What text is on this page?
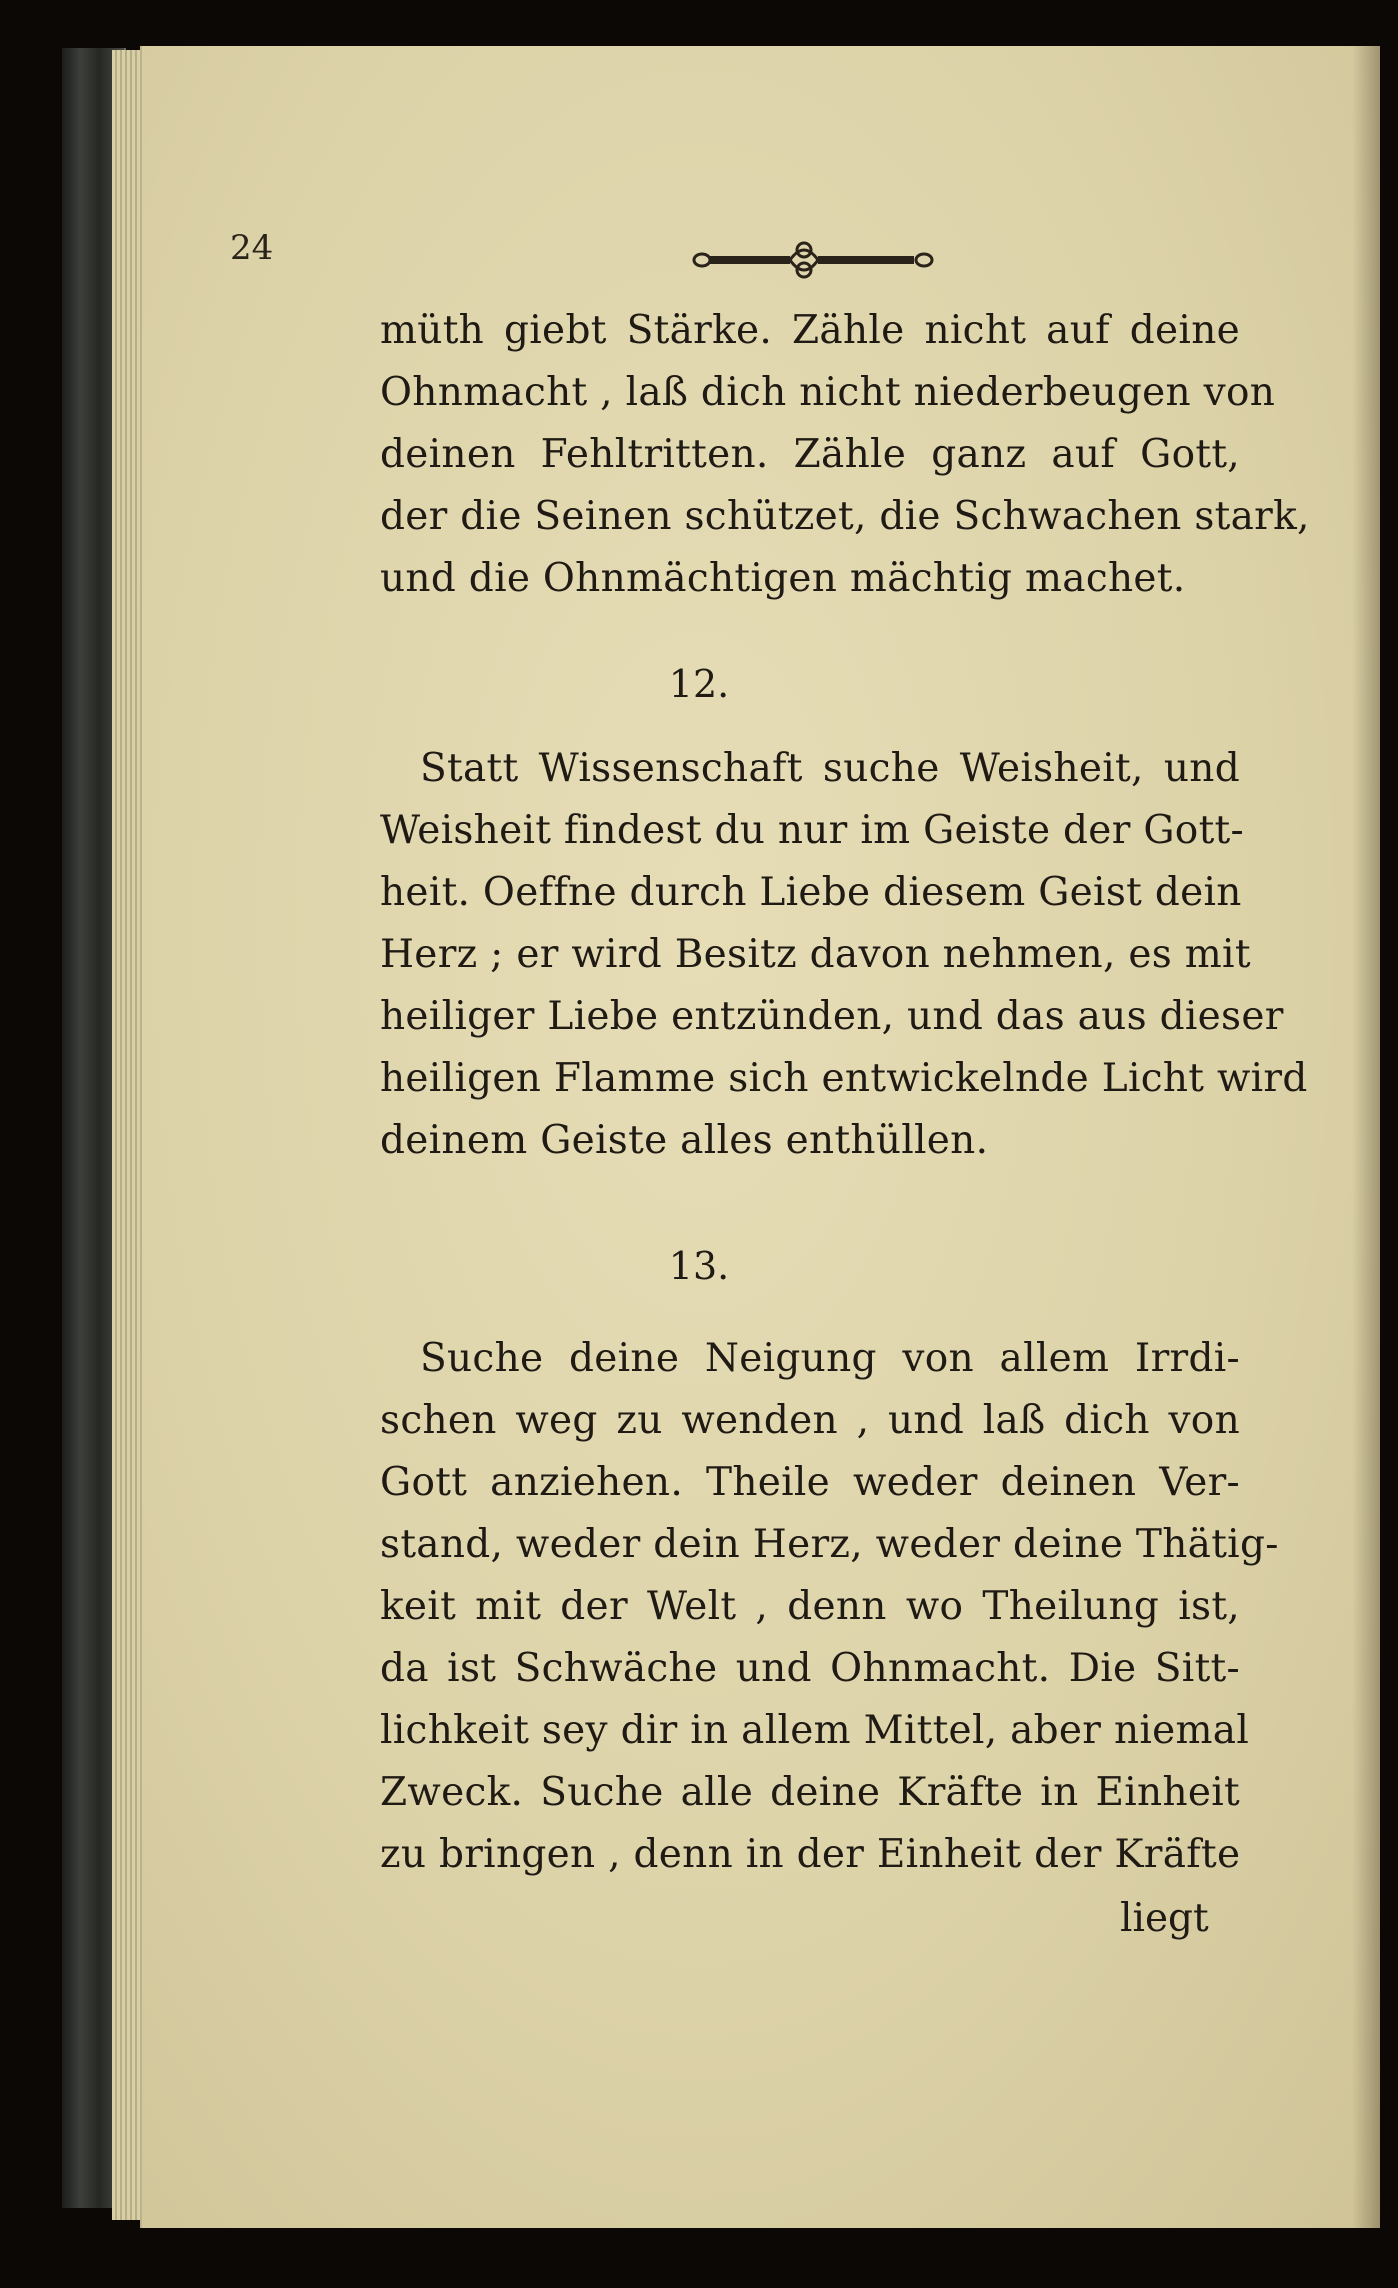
24
müth giebt Stärke. Zähle nicht auf deine
Ohnmacht , laß dich nicht niederbeugen von
deinen Fehltritten. Zähle ganz auf Gott,
der die Seinen schützet, die Schwachen stark,
und die Ohnmächtigen mächtig machet.
12.
Statt Wissenschaft suche Weisheit, und
Weisheit findest du nur im Geiste der Gott-
heit. Oeffne durch Liebe diesem Geist dein
Herz ; er wird Besitz davon nehmen, es mit
heiliger Liebe entzünden, und das aus dieser
heiligen Flamme sich entwickelnde Licht wird
deinem Geiste alles enthüllen.
13.
Suche deine Neigung von allem Irrdi-
schen weg zu wenden , und laß dich von
Gott anziehen. Theile weder deinen Ver-
stand, weder dein Herz, weder deine Thätig-
keit mit der Welt , denn wo Theilung ist,
da ist Schwäche und Ohnmacht. Die Sitt-
lichkeit sey dir in allem Mittel, aber niemal
Zweck. Suche alle deine Kräfte in Einheit
zu bringen , denn in der Einheit der Kräfte
liegt
